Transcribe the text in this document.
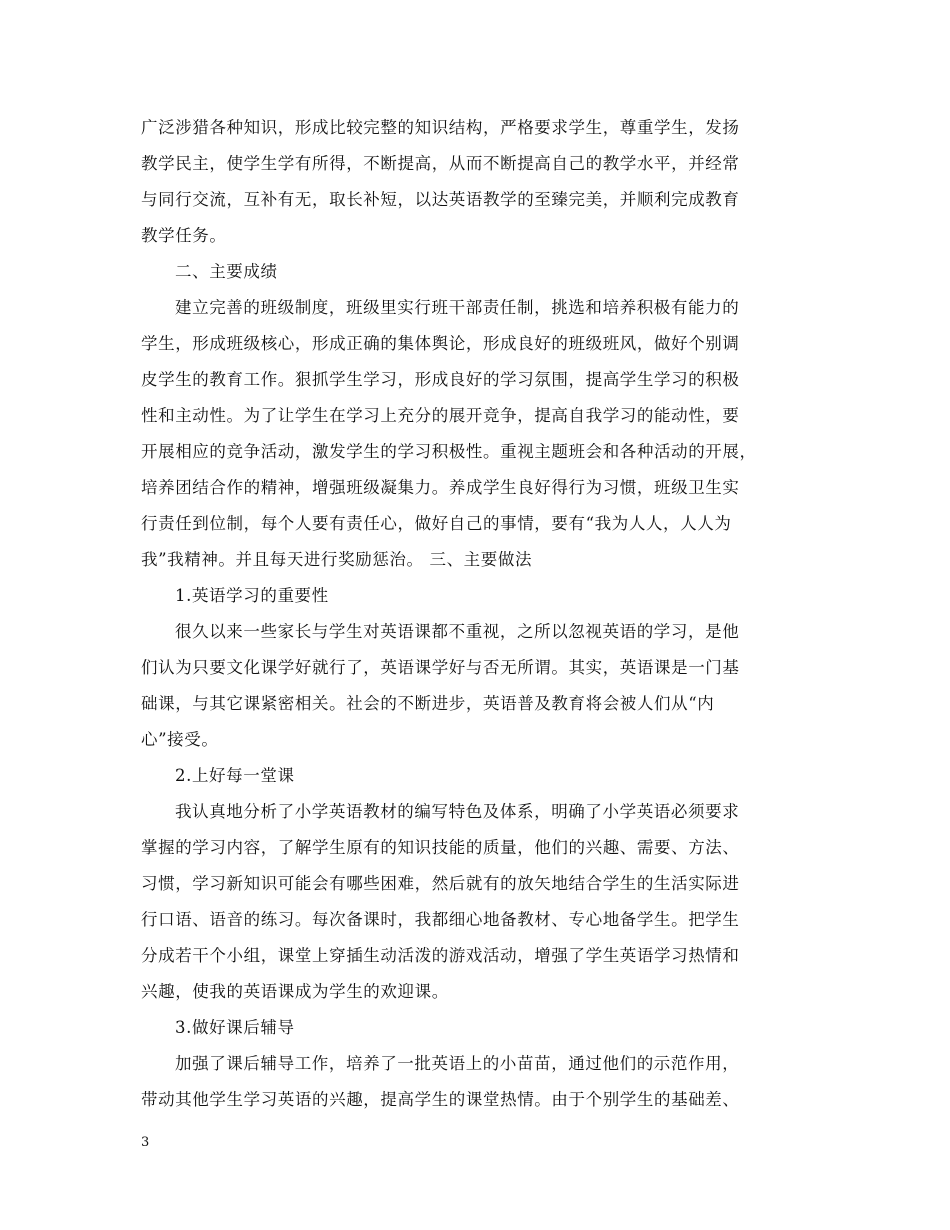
广泛涉猎各种知识，形成比较完整的知识结构，严格要求学生，尊重学生，发扬
教学民主，使学生学有所得，不断提高，从而不断提高自己的教学水平，并经常
与同行交流，互补有无，取长补短，以达英语教学的至臻完美，并顺利完成教育
教学任务。
二、主要成绩
建立完善的班级制度，班级里实行班干部责任制，挑选和培养积极有能力的
学生，形成班级核心，形成正确的集体舆论，形成良好的班级班风，做好个别调
皮学生的教育工作。狠抓学生学习，形成良好的学习氛围，提高学生学习的积极
性和主动性。为了让学生在学习上充分的展开竞争，提高自我学习的能动性，要
开展相应的竞争活动，激发学生的学习积极性。重视主题班会和各种活动的开展，
培养团结合作的精神，增强班级凝集力。养成学生良好得行为习惯，班级卫生实
行责任到位制，每个人要有责任心，做好自己的事情，要有“我为人人，人人为
我”我精神。并且每天进行奖励惩治。 三、主要做法
1.英语学习的重要性
很久以来一些家长与学生对英语课都不重视，之所以忽视英语的学习，是他
们认为只要文化课学好就行了，英语课学好与否无所谓。其实，英语课是一门基
础课，与其它课紧密相关。社会的不断进步，英语普及教育将会被人们从“内
心”接受。
2.上好每一堂课
我认真地分析了小学英语教材的编写特色及体系，明确了小学英语必须要求
掌握的学习内容，了解学生原有的知识技能的质量，他们的兴趣、需要、方法、
习惯，学习新知识可能会有哪些困难，然后就有的放矢地结合学生的生活实际进
行口语、语音的练习。每次备课时，我都细心地备教材、专心地备学生。把学生
分成若干个小组，课堂上穿插生动活泼的游戏活动，增强了学生英语学习热情和
兴趣，使我的英语课成为学生的欢迎课。
3.做好课后辅导
加强了课后辅导工作，培养了一批英语上的小苗苗，通过他们的示范作用，
带动其他学生学习英语的兴趣，提高学生的课堂热情。由于个别学生的基础差、
3
